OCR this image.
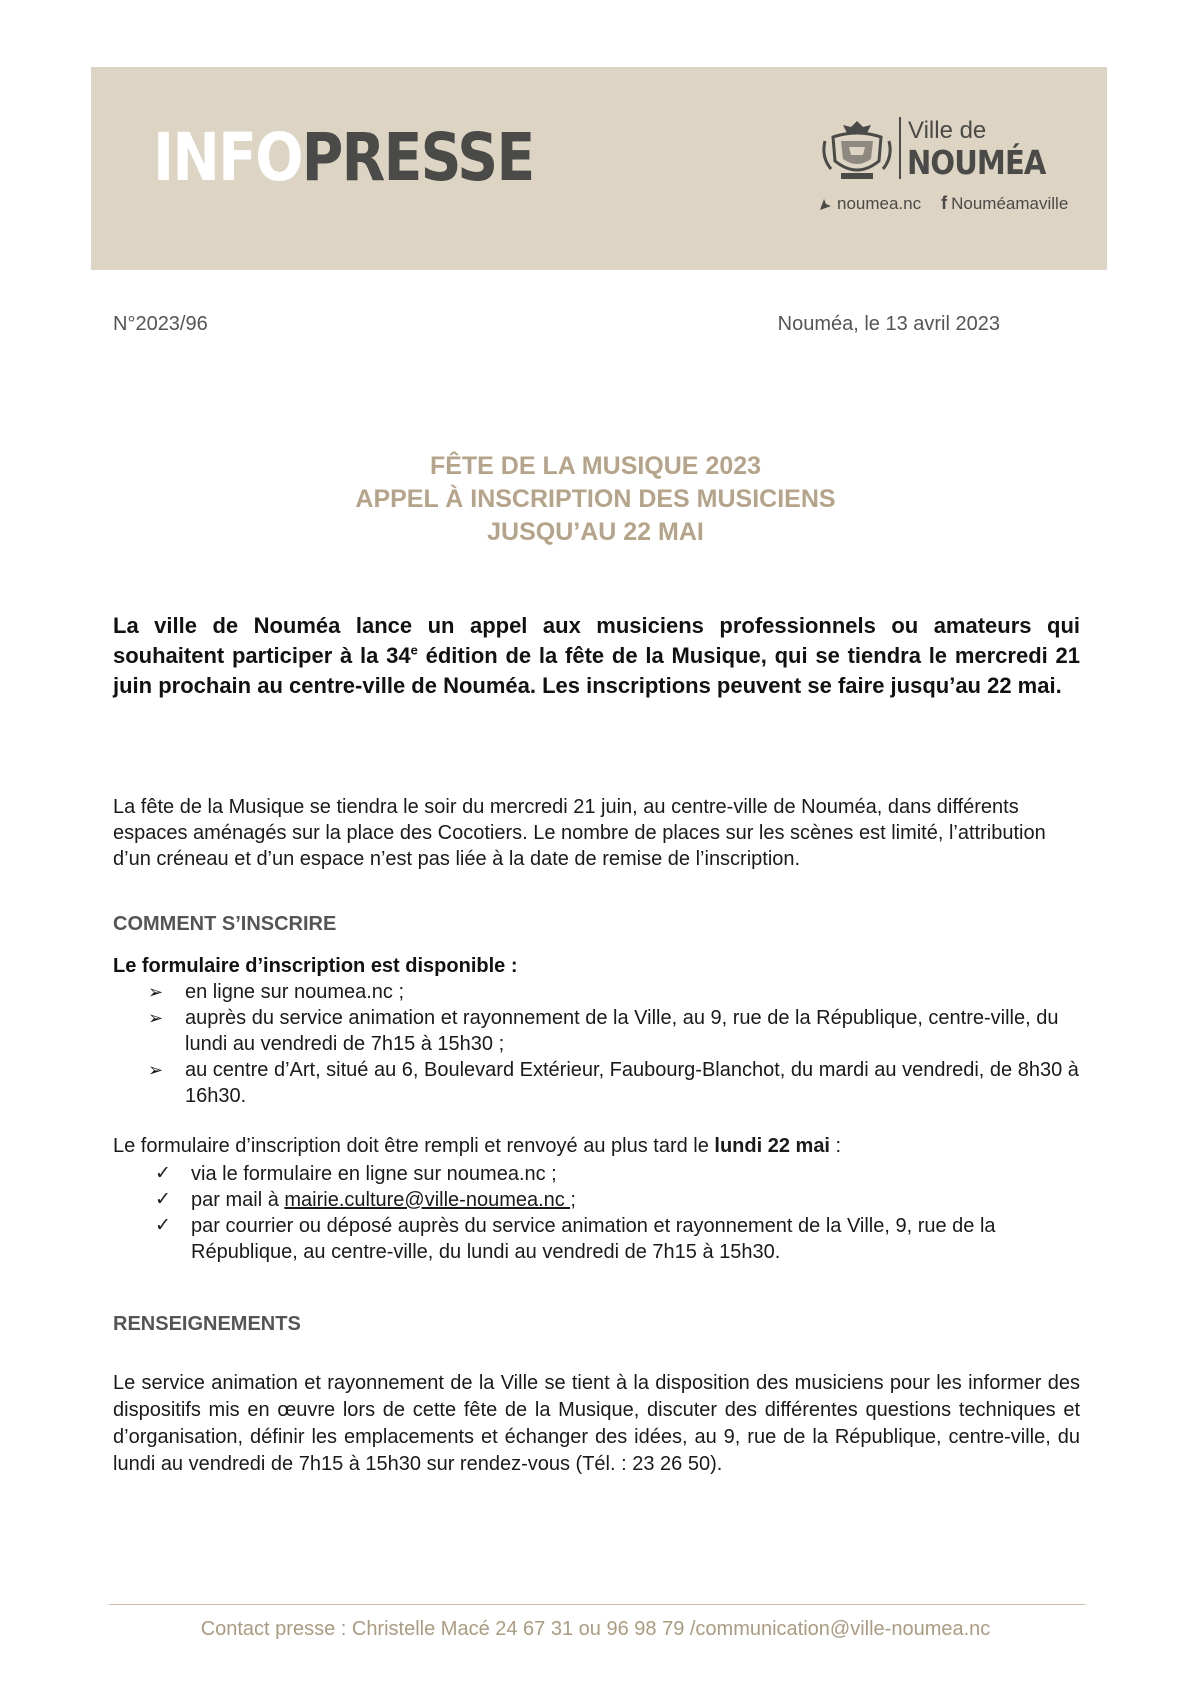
INFOPRESSE	Ville de
NOUMÉA
noumea.nc f Nouméamaville
N°2023/96	Nouméa, le 13 avril 2023
FÊTE DE LA MUSIQUE 2023
APPEL À INSCRIPTION DES MUSICIENS
JUSQU’AU 22 MAI
La ville de Nouméa lance un appel aux musiciens professionnels ou amateurs qui souhaitent participer à la 34e édition de la fête de la Musique, qui se tiendra le mercredi 21 juin prochain au centre-ville de Nouméa. Les inscriptions peuvent se faire jusqu’au 22 mai.
La fête de la Musique se tiendra le soir du mercredi 21 juin, au centre-ville de Nouméa, dans différents espaces aménagés sur la place des Cocotiers. Le nombre de places sur les scènes est limité, l’attribution d’un créneau et d’un espace n’est pas liée à la date de remise de l’inscription.
COMMENT S’INSCRIRE
Le formulaire d’inscription est disponible :
➢ en ligne sur noumea.nc ;
➢ auprès du service animation et rayonnement de la Ville, au 9, rue de la République, centre-ville, du lundi au vendredi de 7h15 à 15h30 ;
➢ au centre d’Art, situé au 6, Boulevard Extérieur, Faubourg-Blanchot, du mardi au vendredi, de 8h30 à 16h30.
Le formulaire d’inscription doit être rempli et renvoyé au plus tard le lundi 22 mai :
✓ via le formulaire en ligne sur noumea.nc ;
✓ par mail à mairie.culture@ville-noumea.nc ;
✓ par courrier ou déposé auprès du service animation et rayonnement de la Ville, 9, rue de la République, au centre-ville, du lundi au vendredi de 7h15 à 15h30.
RENSEIGNEMENTS
Le service animation et rayonnement de la Ville se tient à la disposition des musiciens pour les informer des dispositifs mis en œuvre lors de cette fête de la Musique, discuter des différentes questions techniques et d’organisation, définir les emplacements et échanger des idées, au 9, rue de la République, centre-ville, du lundi au vendredi de 7h15 à 15h30 sur rendez-vous (Tél. : 23 26 50).
Contact presse : Christelle Macé 24 67 31 ou 96 98 79 /communication@ville-noumea.nc
